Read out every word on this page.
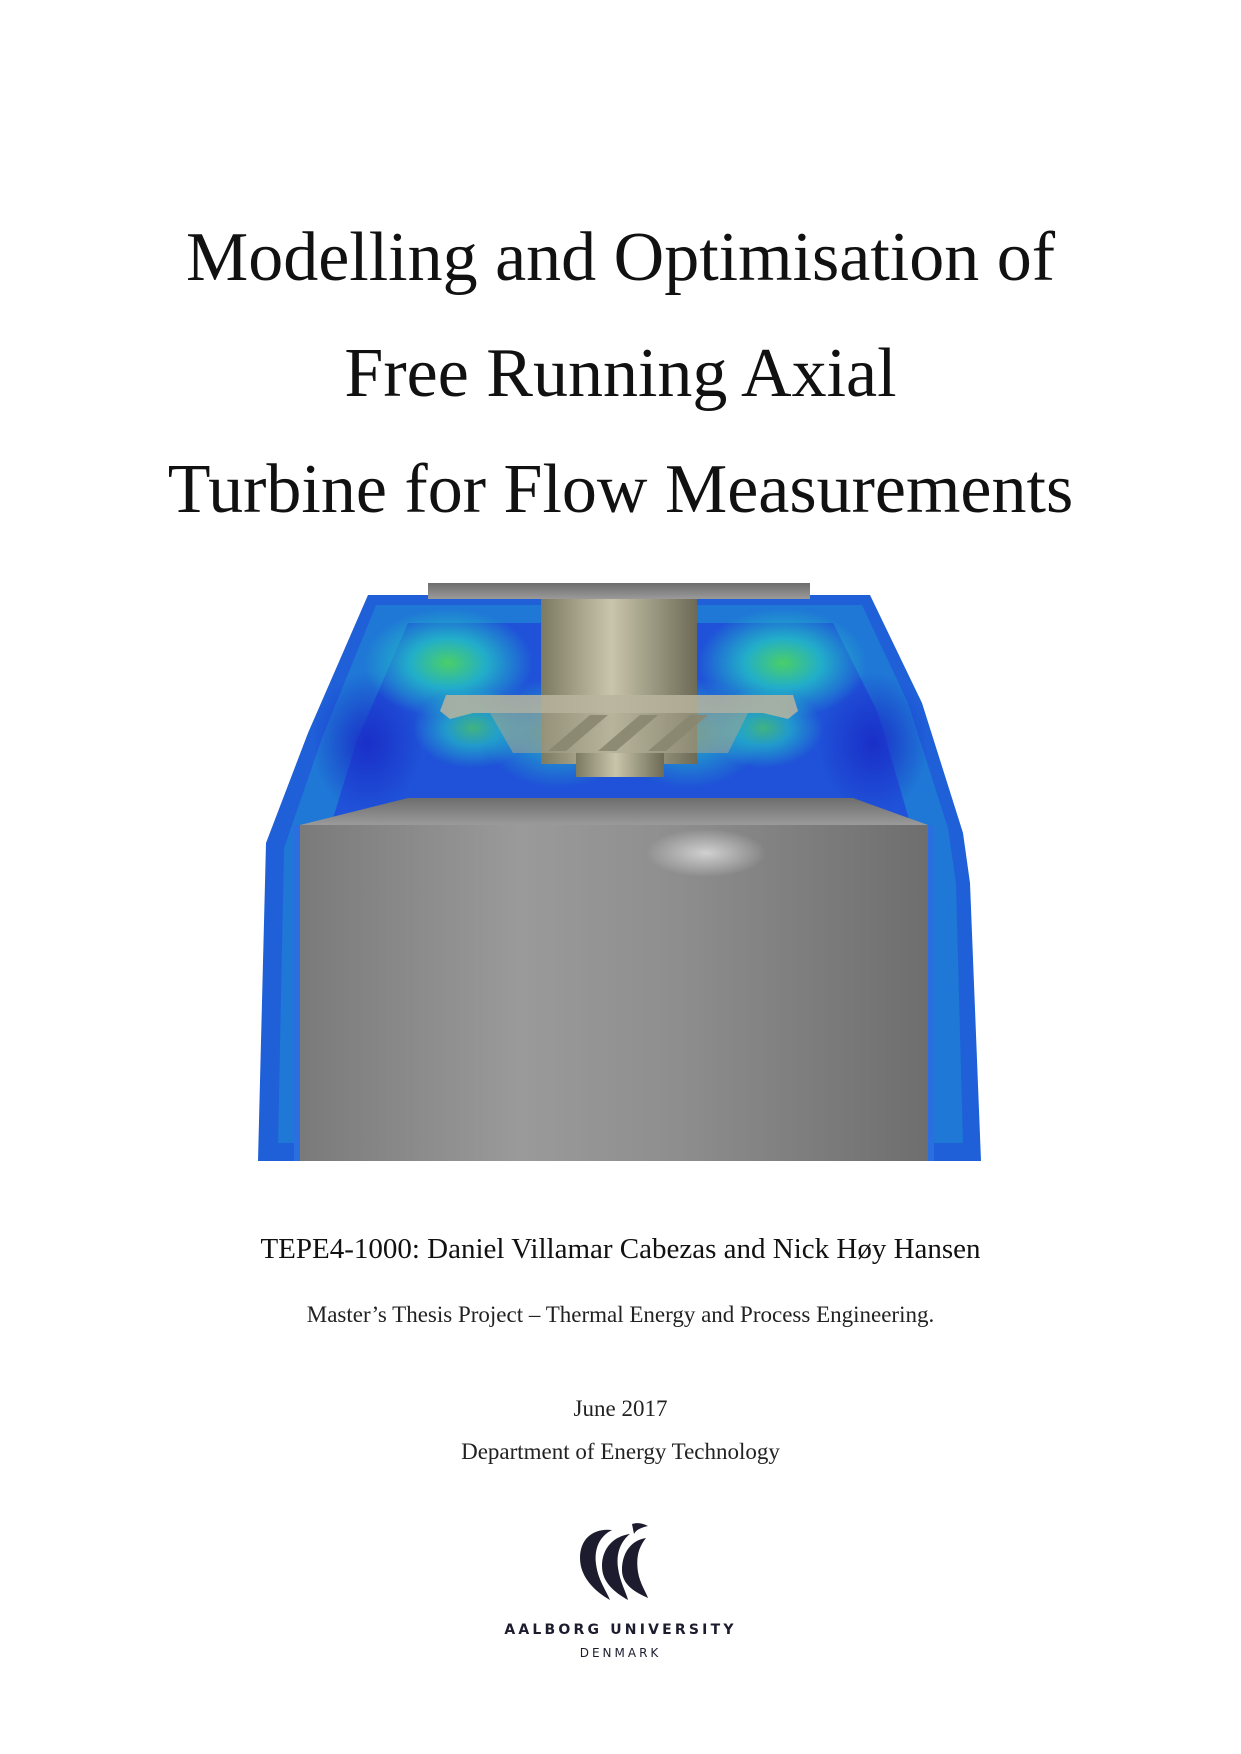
Modelling and Optimisation of
Free Running Axial
Turbine for Flow Measurements
TEPE4-1000: Daniel Villamar Cabezas and Nick Høy Hansen
Master’s Thesis Project – Thermal Energy and Process Engineering.
June 2017
Department of Energy Technology
AALBORG UNIVERSITY
DENMARK
